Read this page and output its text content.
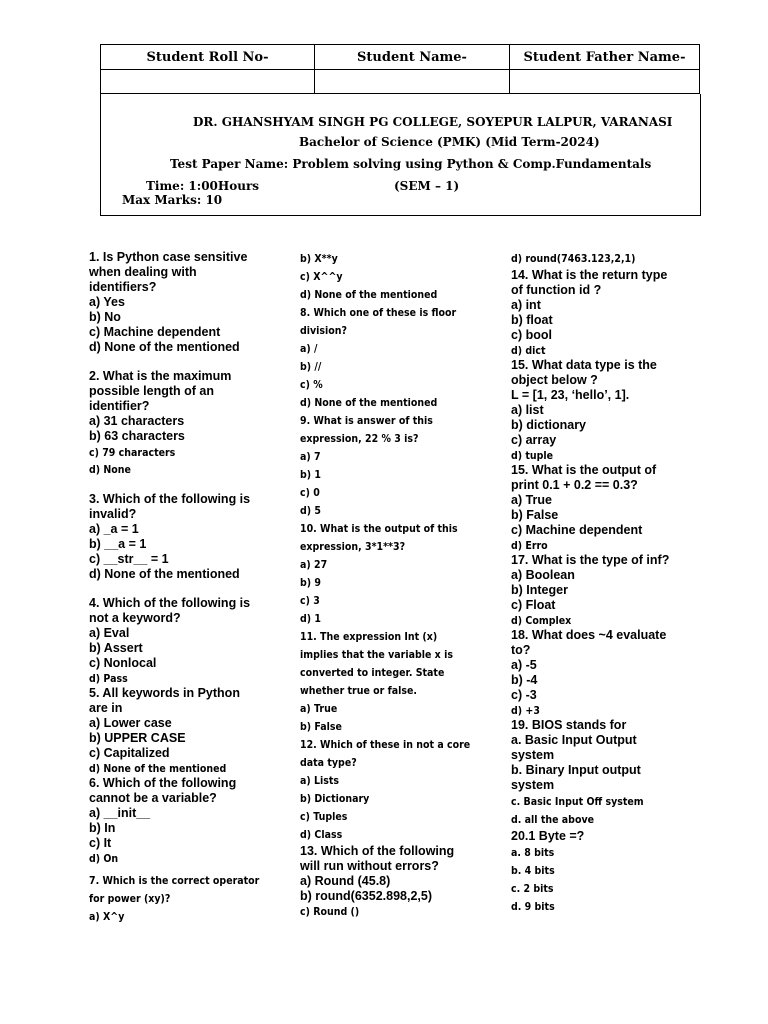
Student Roll No-	Student Name-	Student Father Name-

DR. GHANSHYAM SINGH PG COLLEGE, SOYEPUR LALPUR, VARANASI
Bachelor of Science (PMK) (Mid Term-2024)
Test Paper Name: Problem solving using Python & Comp.Fundamentals
Time: 1:00Hours	(SEM – 1)
Max Marks: 10
1. Is Python case sensitive
when dealing with
identifiers?
a) Yes
b) No
c) Machine dependent
d) None of the mentioned
2. What is the maximum
possible length of an
identifier?
a) 31 characters
b) 63 characters
c) 79 characters
d) None
3. Which of the following is
invalid?
a) _a = 1
b) __a = 1
c) __str__ = 1
d) None of the mentioned
4. Which of the following is
not a keyword?
a) Eval
b) Assert
c) Nonlocal
d) Pass
5. All keywords in Python
are in
a) Lower case
b) UPPER CASE
c) Capitalized
d) None of the mentioned
6. Which of the following
cannot be a variable?
a) __init__
b) In
c) It
d) On
7. Which is the correct operator
for power (xy)?
a) X^y
b) X**y
c) X^^y
d) None of the mentioned
8. Which one of these is floor
division?
a) /
b) //
c) %
d) None of the mentioned
9. What is answer of this
expression, 22 % 3 is?
a) 7
b) 1
c) 0
d) 5
10. What is the output of this
expression, 3*1**3?
a) 27
b) 9
c) 3
d) 1
11. The expression Int (x)
implies that the variable x is
converted to integer. State
whether true or false.
a) True
b) False
12. Which of these in not a core
data type?
a) Lists
b) Dictionary
c) Tuples
d) Class
13. Which of the following
will run without errors?
a) Round (45.8)
b) round(6352.898,2,5)
c) Round ()
d) round(7463.123,2,1)
14. What is the return type
of function id ?
a) int
b) float
c) bool
d) dict
15. What data type is the
object below ?
L = [1, 23, ‘hello’, 1].
a) list
b) dictionary
c) array
d) tuple
15. What is the output of
print 0.1 + 0.2 == 0.3?
a) True
b) False
c) Machine dependent
d) Erro
17. What is the type of inf?
a) Boolean
b) Integer
c) Float
d) Complex
18. What does ~4 evaluate
to?
a) -5
b) -4
c) -3
d) +3
19. BIOS stands for
a. Basic Input Output
system
b. Binary Input output
system
c. Basic Input Off system
d. all the above
20.1 Byte =?
a. 8 bits
b. 4 bits
c. 2 bits
d. 9 bits
